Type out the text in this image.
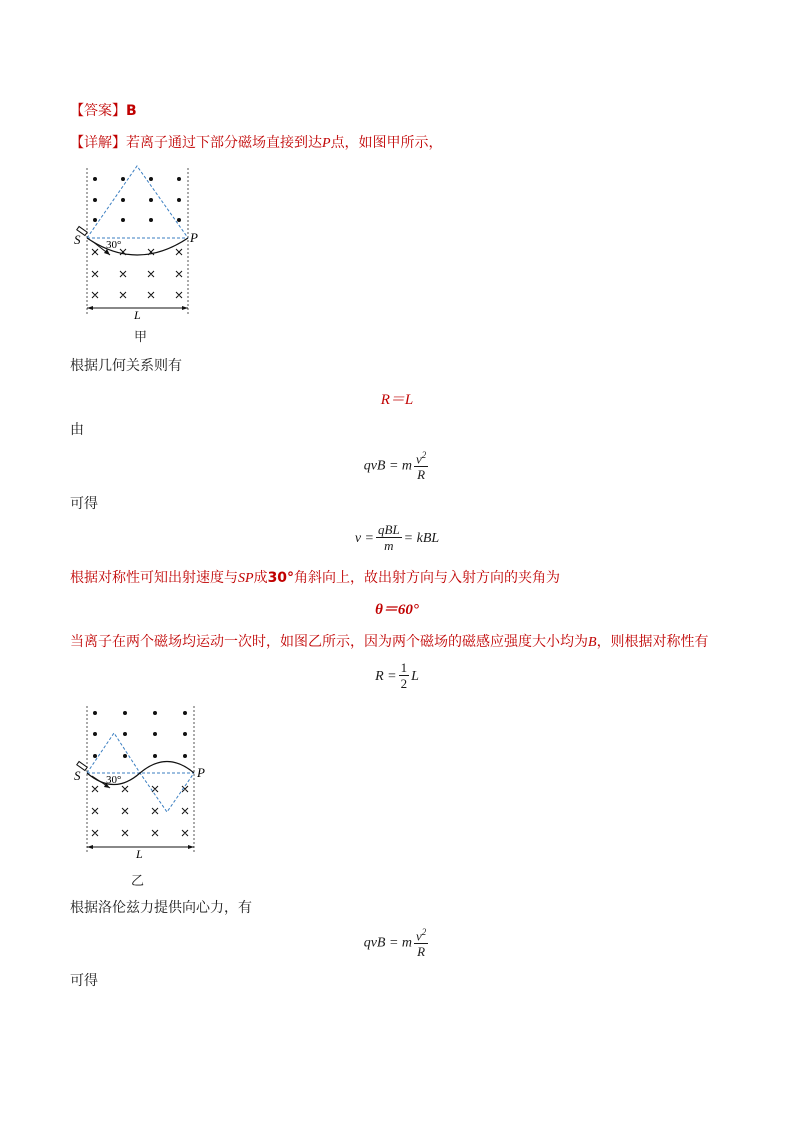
【答案】B
【详解】若离子通过下部分磁场直接到达P点，如图甲所示，
S	P
30°
L
甲
根据几何关系则有
R＝L
由
qvB = m $\frac{v^2}{R}$
可得
$v = \frac{\text{qBL}}{m}$ = kBL
根据对称性可知出射速度与SP成30°角斜向上，故出射方向与入射方向的夹角为
θ＝60°
当离子在两个磁场均运动一次时，如图乙所示，因为两个磁场的磁感应强度大小均为B，则根据对称性有
$R = \frac{1}{2}$ L
S	P
30°
L
乙
根据洛伦兹力提供向心力，有
qvB = m $\frac{v^2}{R}$
可得
